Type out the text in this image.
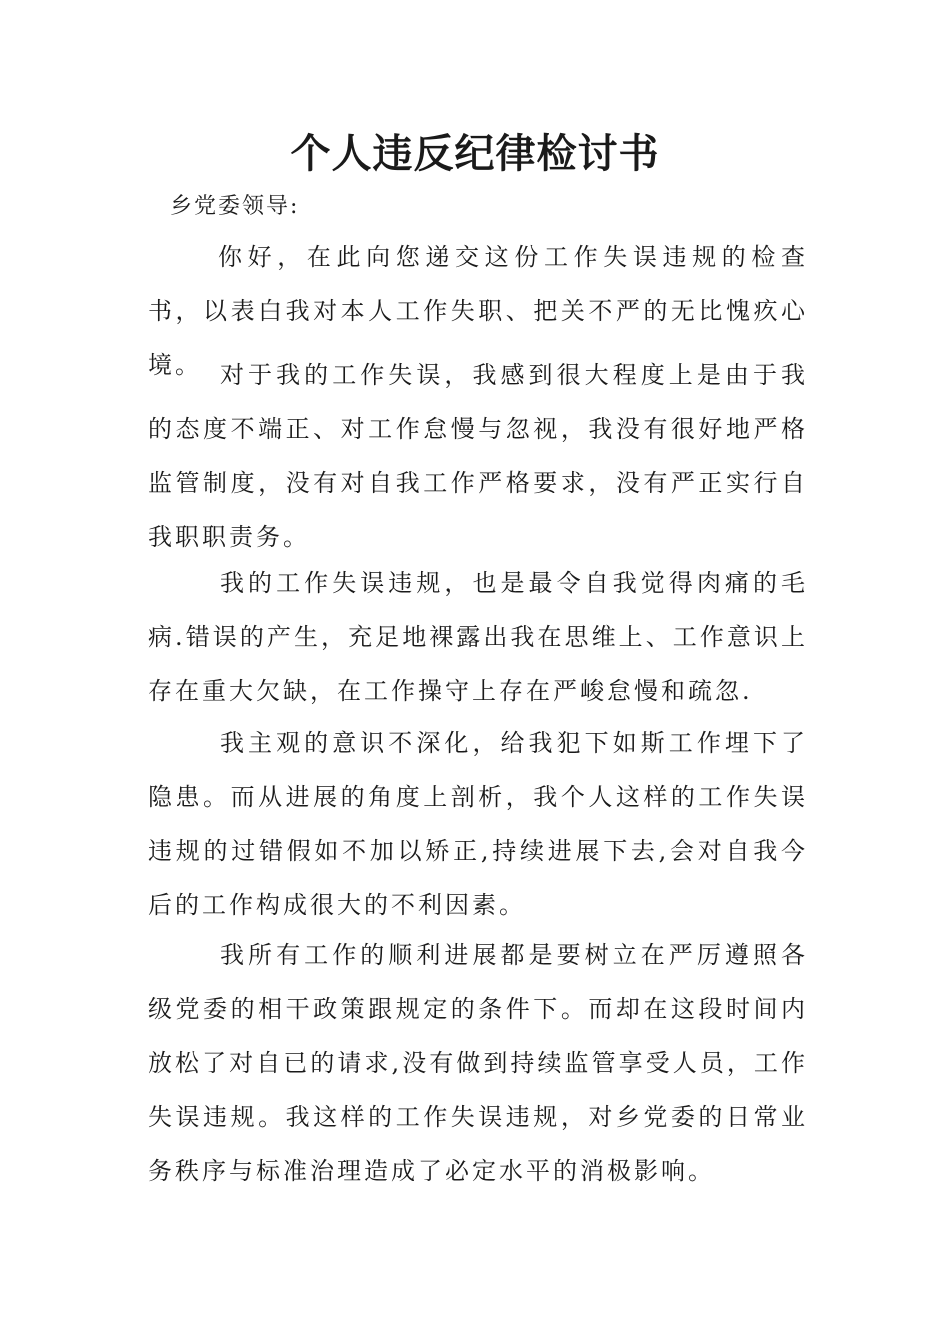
个人违反纪律检讨书

乡党委领导:

你好，在此向您递交这份工作失误违规的检查书，以表白我对本人工作失职、把关不严的无比愧疚心境。 对于我的工作失误，我感到很大程度上是由于我的态度不端正、对工作怠慢与忽视，我没有很好地严格监管制度，没有对自我工作严格要求，没有严正实行自我职职责务。

我的工作失误违规，也是最令自我觉得肉痛的毛病.错误的产生，充足地裸露出我在思维上、工作意识上存在重大欠缺，在工作操守上存在严峻怠慢和疏忽.

我主观的意识不深化，给我犯下如斯工作埋下了隐患。而从进展的角度上剖析，我个人这样的工作失误违规的过错假如不加以矫正,持续进展下去,会对自我今后的工作构成很大的不利因素。

我所有工作的顺利进展都是要树立在严厉遵照各级党委的相干政策跟规定的条件下。而却在这段时间内放松了对自已的请求,没有做到持续监管享受人员，工作失误违规。我这样的工作失误违规，对乡党委的日常业务秩序与标准治理造成了必定水平的消极影响。
